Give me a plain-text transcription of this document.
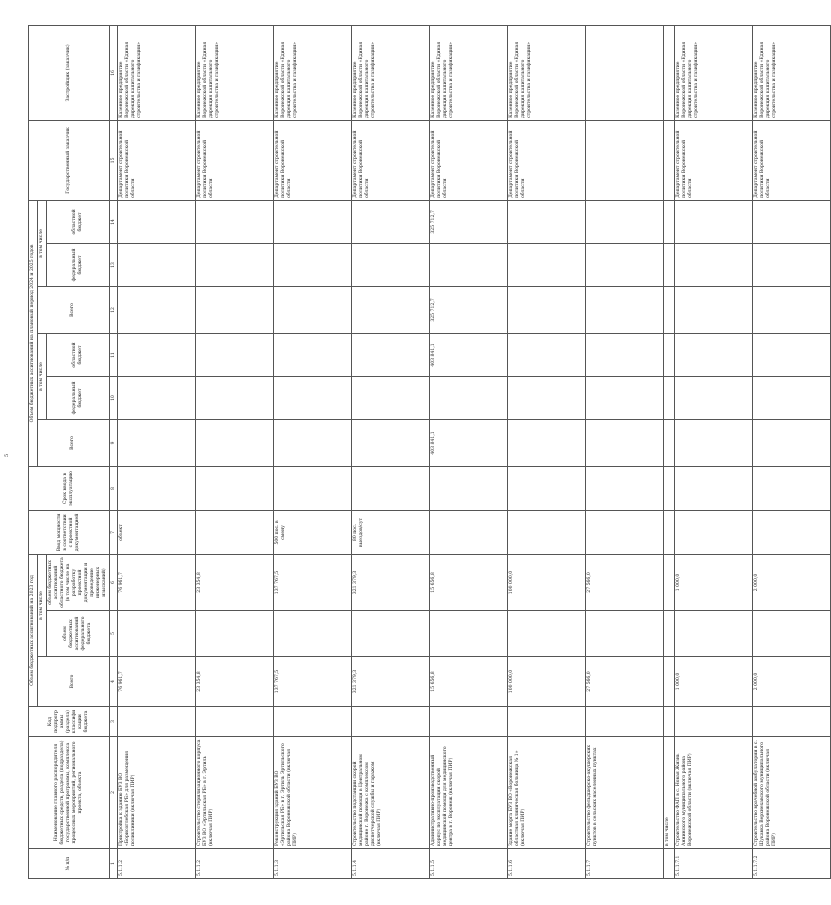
5
№ п/п	Наименование главного распорядителя бюджетных средств, раздела (подраздела) государственной программы, комплекса процессных мероприятий, регионального проекта, объекта	Код подпрограммы (раздела) классификации бюджета	Объем бюджетных ассигнований на 2023 год			Ввод мощности в соответствии с проектной документацией	Срок ввода в эксплуатацию	Объем бюджетных ассигнований на плановый период 2024 и 2025 годов						Государственный заказчик	Застройщик (заказчик)
			Всего	в том числе				Всего	в том числе		Всего	в том числе			
				объем бюджетных ассигнований федерального бюджета	объем бюджетных ассигнований областного бюджета (в том числе на разработку проектной документации и проведение инженерных изысканий)				федеральный бюджет	областной бюджет		федеральный бюджет	областной бюджет		
1	2	3	4	5	6	7	8	9	10	11	12	13	14	15	16
5.1.1.2	Пристройка к зданию БУЗ ВО «Борисоглебская РБ» для размещения поликлиники (включая ПИР)		76 961,7		76 961,7	объект								Департамент строительной политики Воронежской области	Казенное предприятие Воронежской области «Единая дирекция капитального строительства и газификации»
5.1.1.2	Строительство стерилизационного корпуса БУЗ ВО «Эртильская РБ» в г. Эртиль (включая ПИР)		23 354,8		23 354,8									Департамент строительной политики Воронежской области	Казенное предприятие Воронежской области «Единая дирекция капитального строительства и газификации»
5.1.1.3	Реконструкция зданий БУЗ ВО «Эртильская РБ» в г. Эртиль Эртильского района Воронежской области (включая ПИР)		137 767,5		137 767,5	500 пос. в смену								Департамент строительной политики Воронежской области	Казенное предприятие Воронежской области «Единая дирекция капитального строительства и газификации»
5.1.1.4	Строительство подстанции скорой медицинской помощи в Центральном районе г. Воронежа с комплексом диспетчерской службы и гаражом (включая ПИР)		321 379,3		321 379,3	80 пос. выездов/сут								Департамент строительной политики Воронежской области	Казенное предприятие Воронежской области «Единая дирекция капитального строительства и газификации»
5.1.1.5	Административно-производственный корпус по эксплуатации скорой медицинской помощи для медицинского центра в г. Воронеж (включая ПИР)		15 656,8		15 656,8			403 841,1		403 841,1	325 712,7		325 712,7	Департамент строительной политики Воронежской области	Казенное предприятие Воронежской области «Единая дирекция капитального строительства и газификации»
5.1.1.6	Здание морга БУЗ ВО «Воронежская областная клиническая больница № 1» (включая ПИР)		100 000,0		100 000,0									Департамент строительной политики Воронежской области	Казенное предприятие Воронежской области «Единая дирекция капитального строительства и газификации»
5.1.1.7	Строительство фельдшерско-акушерских пунктов в сельских населенных пунктах		27 566,0		27 566,0										
	в том числе														
5.1.1.7.1	Строительство ФАП в с. Новая Жизнь Аннинского муниципального района Воронежской области (включая ПИР)		1 000,0		1 000,0									Департамент строительной политики Воронежской области	Казенное предприятие Воронежской области «Единая дирекция капитального строительства и газификации»
5.1.1.7.2	Строительство врачебной амбулатории в с. Шукавка Верхнехавского муниципального района Воронежской области (включая ПИР)		2 000,0		2 000,0									Департамент строительной политики Воронежской области	Казенное предприятие Воронежской области «Единая дирекция капитального строительства и газификации»
